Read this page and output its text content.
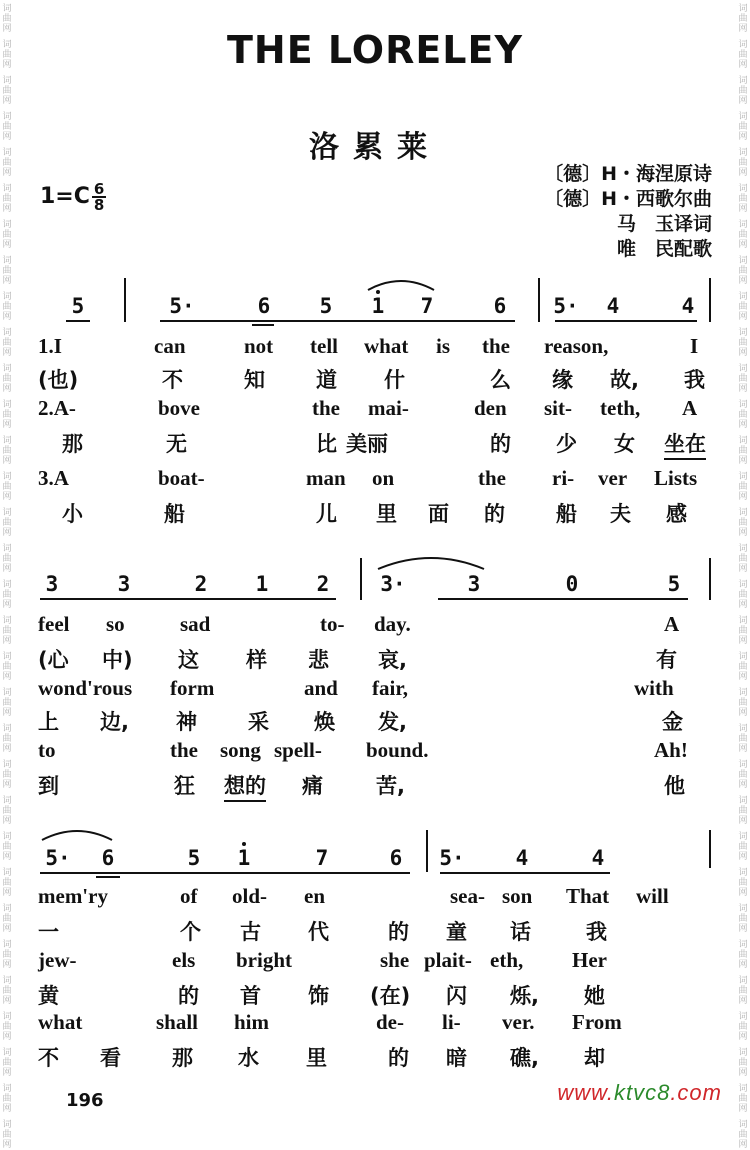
THE LORELEY
洛累莱
$1=C \frac{6}{8}$
〔德〕H・海涅原诗
〔德〕H・西歌尔曲
马　玉译词
唯　民配歌
5	5·	6 5 1 7	6 5· 4	4
1.I	can	not tell what is the reason,	I
(也)	不	知 道 什	么 缘 故, 我
2.A-	bove	the mai-	den sit- teth, A
那	无	比 美丽	的 少 女 坐在
3.A	boat-	man on	the ri- ver Lists
小	船	儿 里 面 的 船 夫 感
3	3	2 1 2 3·	3	0	5
feel so	sad	to- day.	A
(心 中) 这 样 悲 哀,	有
wond'rous form	and fair,	with
上 边, 神 采 焕 发,	金
to	the song spell- bound.	Ah!
到	狂 想的 痛	苦,	他
5· 6	5 1	7	6 5· 4	4
mem'ry	of old- en	sea- son That will
一	个 古 代	的 童 话	我
jew-	els bright	she plait- eth, Her
黄	的 首 饰 (在) 闪 烁, 她
what	shall him	de- li- ver. From
不 看 那 水 里	的 暗 礁, 却
196	www.ktvc8.com
词
曲
网
词
曲
网
词
曲
网
词
曲
网
词
曲
网
词
曲
网
词
曲
网
词
曲
网
词
曲
网
词
曲
网
词
曲
网
词
曲
网
词
曲
网
词
曲
网
词
曲
网
词
曲
网
词
曲
网
词
曲
网
词
曲
网
词
曲
网
词
曲
网
词
曲
网
词
曲
网
词
曲
网
词
曲
网
词
曲
网
词
曲
网
词
曲
网
词
曲
网
词
曲
网
词
曲
网
词
曲
网
词
曲
网
词
曲
网
词
曲
网
词
曲
网
词
曲
网
词
曲
网
词
曲
网
词
曲
网
词
曲
网
词
曲
网
词
曲
网
词
曲
网
词
曲
网
词
曲
网
词
曲
网
词
曲
网
词
曲
网
词
曲
网
词
曲
网
词
曲
网
词
曲
网
词
曲
网
词
曲
网
词
曲
网
词
曲
网
词
曲
网
词
曲
网
词
曲
网
词
曲
网
词
曲
网
词
曲
网
词
曲
网
